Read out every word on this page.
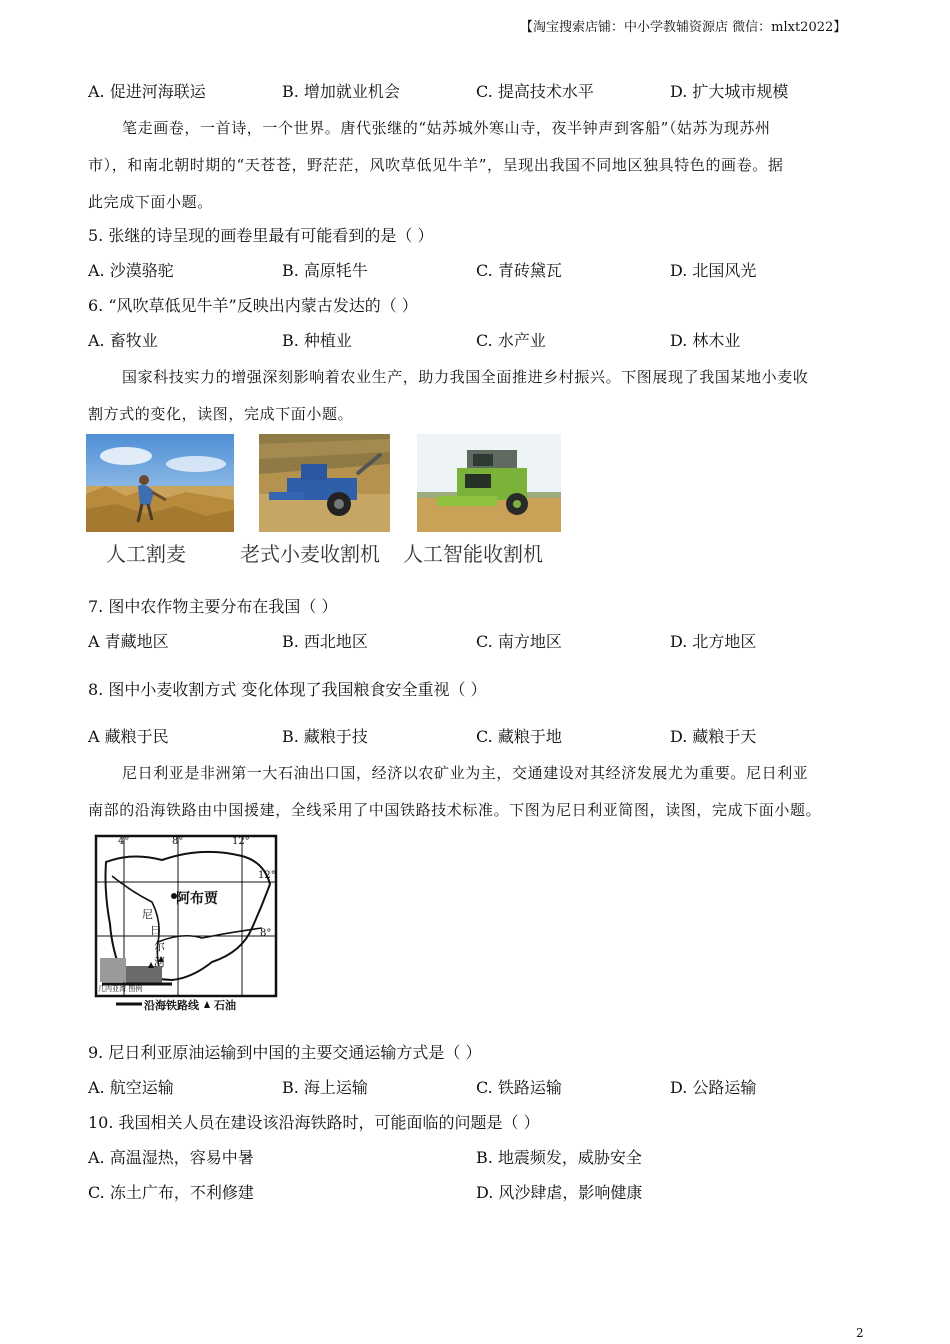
【淘宝搜索店铺：中小学教辅资源店 微信：mlxt2022】
A. 促进河海联运	B. 增加就业机会	C. 提高技术水平	D. 扩大城市规模
笔走画卷，一首诗，一个世界。唐代张继的“姑苏城外寒山寺，夜半钟声到客船”（姑苏为现苏州
市），和南北朝时期的“天苍苍，野茫茫，风吹草低见牛羊”，呈现出我国不同地区独具特色的画卷。据
此完成下面小题。
5. 张继的诗呈现的画卷里最有可能看到的是（ ）
A. 沙漠骆驼	B. 高原牦牛	C. 青砖黛瓦	D. 北国风光
6. “风吹草低见牛羊”反映出内蒙古发达的（ ）
A. 畜牧业	B. 种植业	C. 水产业	D. 林木业
国家科技实力的增强深刻影响着农业生产，助力我国全面推进乡村振兴。下图展现了我国某地小麦收
割方式的变化，读图，完成下面小题。
人工割麦	老式小麦收割机 人工智能收割机
7. 图中农作物主要分布在我国（ ）
A 青藏地区	B. 西北地区	C. 南方地区	D. 北方地区
8. 图中小麦收割方式 变化体现了我国粮食安全重视（ ）
A 藏粮于民	B. 藏粮于技	C. 藏粮于地	D. 藏粮于天
尼日利亚是非洲第一大石油出口国，经济以农矿业为主，交通建设对其经济发展尤为重要。尼日利亚
南部的沿海铁路由中国援建，全线采用了中国铁路技术标准。下图为尼日利亚简图，读图，完成下面小题。
4°	8°	12°
12°
8°
阿布贾
尼
日
尔
河
沿海铁路线 石油
几内亚湾 图例
9. 尼日利亚原油运输到中国的主要交通运输方式是（ ）
A. 航空运输	B. 海上运输	C. 铁路运输	D. 公路运输
10. 我国相关人员在建设该沿海铁路时，可能面临的问题是（ ）
A. 高温湿热，容易中暑	B. 地震频发，威胁安全
C. 冻土广布，不利修建	D. 风沙肆虐，影响健康
2
